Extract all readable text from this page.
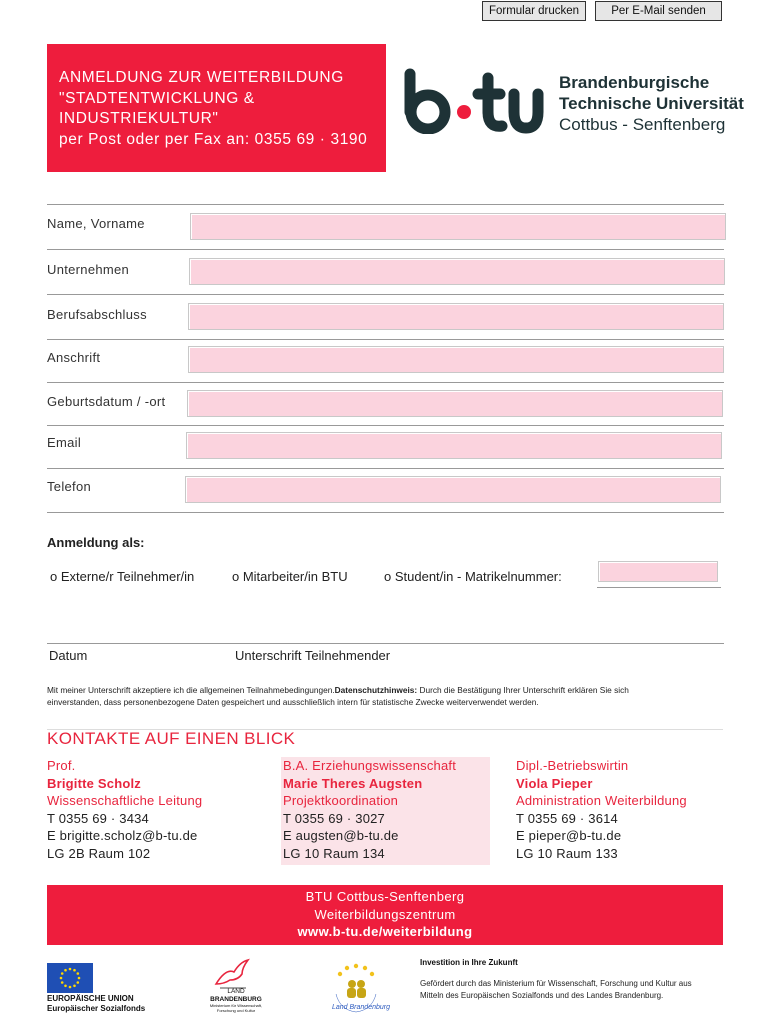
Formular drucken	Per E-Mail senden
ANMELDUNG ZUR WEITERBILDUNG
"STADTENTWICKLUNG &
INDUSTRIEKULTUR"
per Post oder per Fax an: 0355 69 · 3190
Brandenburgische
Technische Universität
Cottbus - Senftenberg
Name, Vorname
Unternehmen
Berufsabschluss
Anschrift
Geburtsdatum / -ort
Email
Telefon
Anmeldung als:
o Externe/r Teilnehmer/in	o Mitarbeiter/in BTU	o Student/in - Matrikelnummer:
Datum	Unterschrift Teilnehmender
Mit meiner Unterschrift akzeptiere ich die allgemeinen Teilnahmebedingungen.Datenschutzhinweis: Durch die Bestätigung Ihrer Unterschrift erklären Sie sich
einverstanden, dass personenbezogene Daten gespeichert und ausschließlich intern für statistische Zwecke weiterverwendet werden.
KONTAKTE AUF EINEN BLICK
Prof.
Brigitte Scholz
Wissenschaftliche Leitung
T 0355 69 · 3434
E brigitte.scholz@b-tu.de
LG 2B Raum 102
B.A. Erziehungswissenschaft
Marie Theres Augsten
Projektkoordination
T 0355 69 · 3027
E augsten@b-tu.de
LG 10 Raum 134
Dipl.-Betriebswirtin
Viola Pieper
Administration Weiterbildung
T 0355 69 · 3614
E pieper@b-tu.de
LG 10 Raum 133
BTU Cottbus-Senftenberg
Weiterbildungszentrum
www.b-tu.de/weiterbildung
EUROPÄISCHE UNION
Europäischer Sozialfonds
LAND
BRANDENBURG
Ministerium für Wissenschaft, Forschung und Kultur	Land Brandenburg
Investition in Ihre Zukunft
Gefördert durch das Ministerium für Wissenschaft, Forschung und Kultur aus Mitteln des Europäischen Sozialfonds und des Landes Brandenburg.
